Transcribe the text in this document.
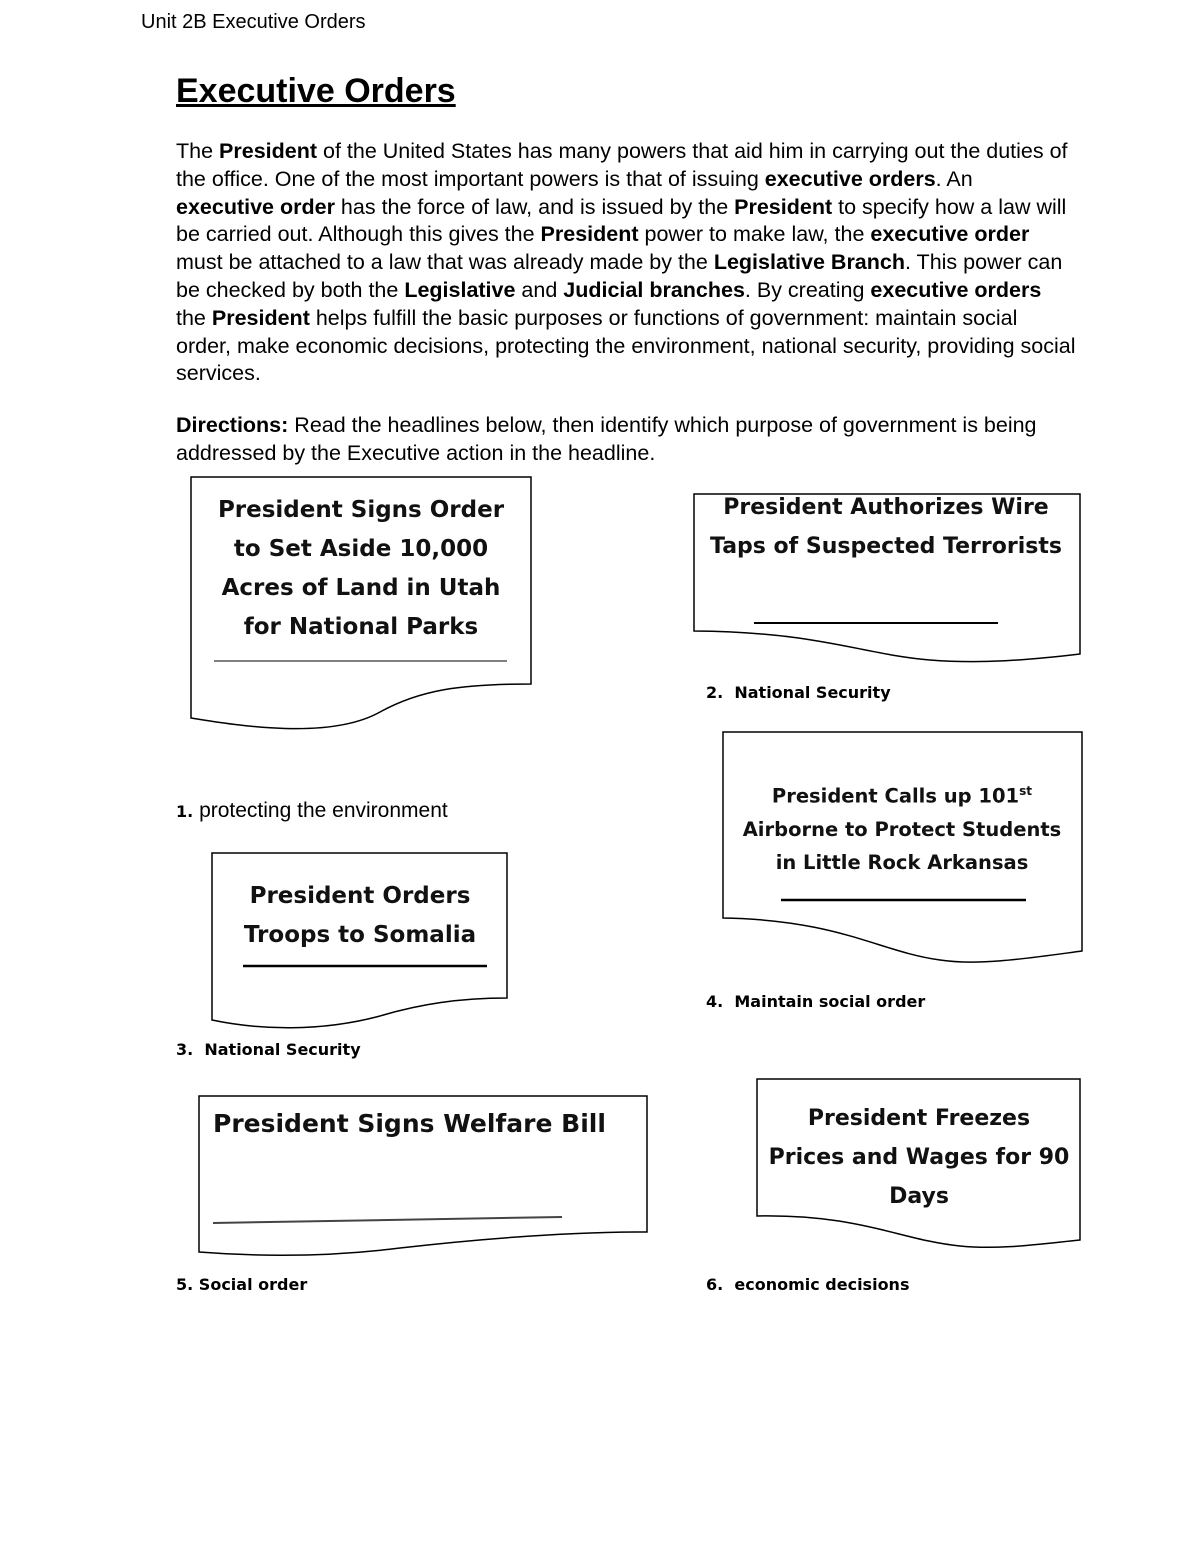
Unit 2B Executive Orders
Executive Orders
The President of the United States has many powers that aid him in carrying out the duties of the office. One of the most important powers is that of issuing executive orders. An executive order has the force of law, and is issued by the President to specify how a law will be carried out. Although this gives the President power to make law, the executive order must be attached to a law that was already made by the Legislative Branch. This power can be checked by both the Legislative and Judicial branches. By creating executive orders the President helps fulfill the basic purposes or functions of government: maintain social order, make economic decisions, protecting the environment, national security, providing social services.
Directions: Read the headlines below, then identify which purpose of government is being addressed by the Executive action in the headline.
President Signs Order to Set Aside 10,000 Acres of Land in Utah for National Parks
President Authorizes Wire Taps of Suspected Terrorists
President Orders Troops to Somalia
President Calls up 101st Airborne to Protect Students in Little Rock Arkansas
President Signs Welfare Bill	President Freezes Prices and Wages for 90 Days
1. protecting the environment
2. National Security
3. National Security
4. Maintain social order
5. Social order	6. economic decisions
